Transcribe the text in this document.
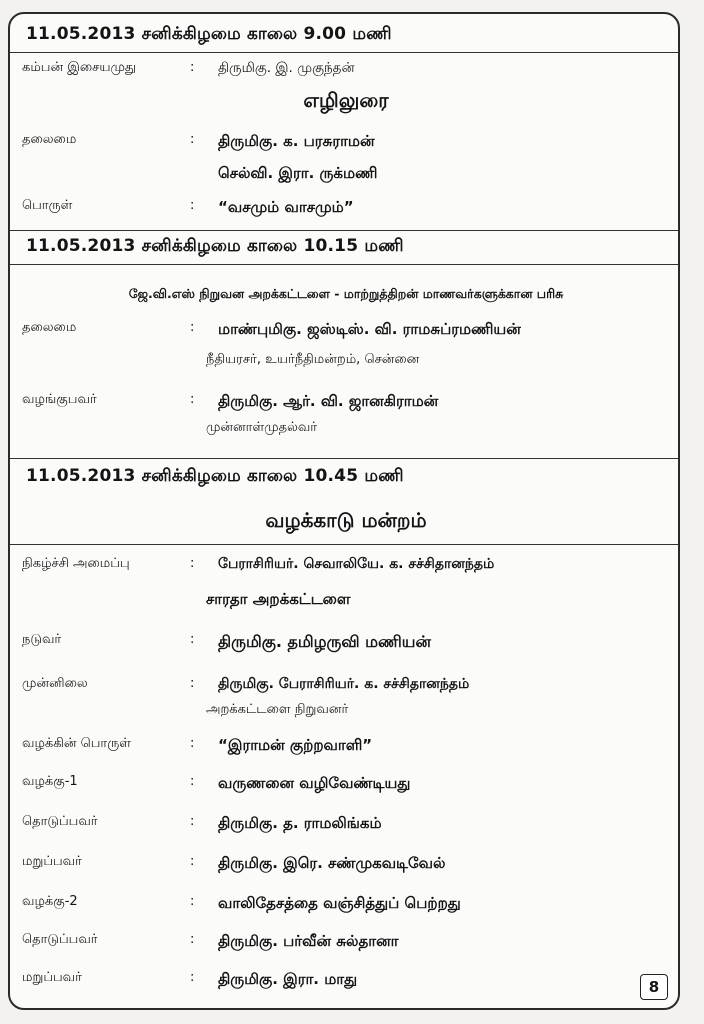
11.05.2013 சனிக்கிழமை காலை 9.00 மணி
கம்பன் இசையமுது	: திருமிகு. இ. முகுந்தன்
எழிலுரை
தலைமை	: திருமிகு. க. பரசுராமன்
செல்வி. இரா. ருக்மணி
பொருள்	: “வசமும் வாசமும்”
11.05.2013 சனிக்கிழமை காலை 10.15 மணி
ஜே.வி.எஸ் நிறுவன அறக்கட்டளை - மாற்றுத்திறன் மாணவர்களுக்கான பரிசு
தலைமை	: மாண்புமிகு. ஜஸ்டிஸ். வி. ராமசுப்ரமணியன்
நீதியரசர், உயர்நீதிமன்றம், சென்னை
வழங்குபவர்	: திருமிகு. ஆர். வி. ஜானகிராமன்
முன்னாள்முதல்வர்
11.05.2013 சனிக்கிழமை காலை 10.45 மணி
வழக்காடு மன்றம்
நிகழ்ச்சி அமைப்பு	: பேராசிரியர். செவாலியே. க. சச்சிதானந்தம்
சாரதா அறக்கட்டளை
நடுவர்	: திருமிகு. தமிழருவி மணியன்
முன்னிலை	: திருமிகு. பேராசிரியர். க. சச்சிதானந்தம்
அறக்கட்டளை நிறுவனர்
வழக்கின் பொருள்	: “இராமன் குற்றவாளி”
வழக்கு-1	: வருணனை வழிவேண்டியது
தொடுப்பவர்	: திருமிகு. த. ராமலிங்கம்
மறுப்பவர்	: திருமிகு. இரெ. சண்முகவடிவேல்
வழக்கு-2	: வாலிதேசத்தை வஞ்சித்துப் பெற்றது
தொடுப்பவர்	: திருமிகு. பர்வீன் சுல்தானா
மறுப்பவர்	: திருமிகு. இரா. மாது	8
